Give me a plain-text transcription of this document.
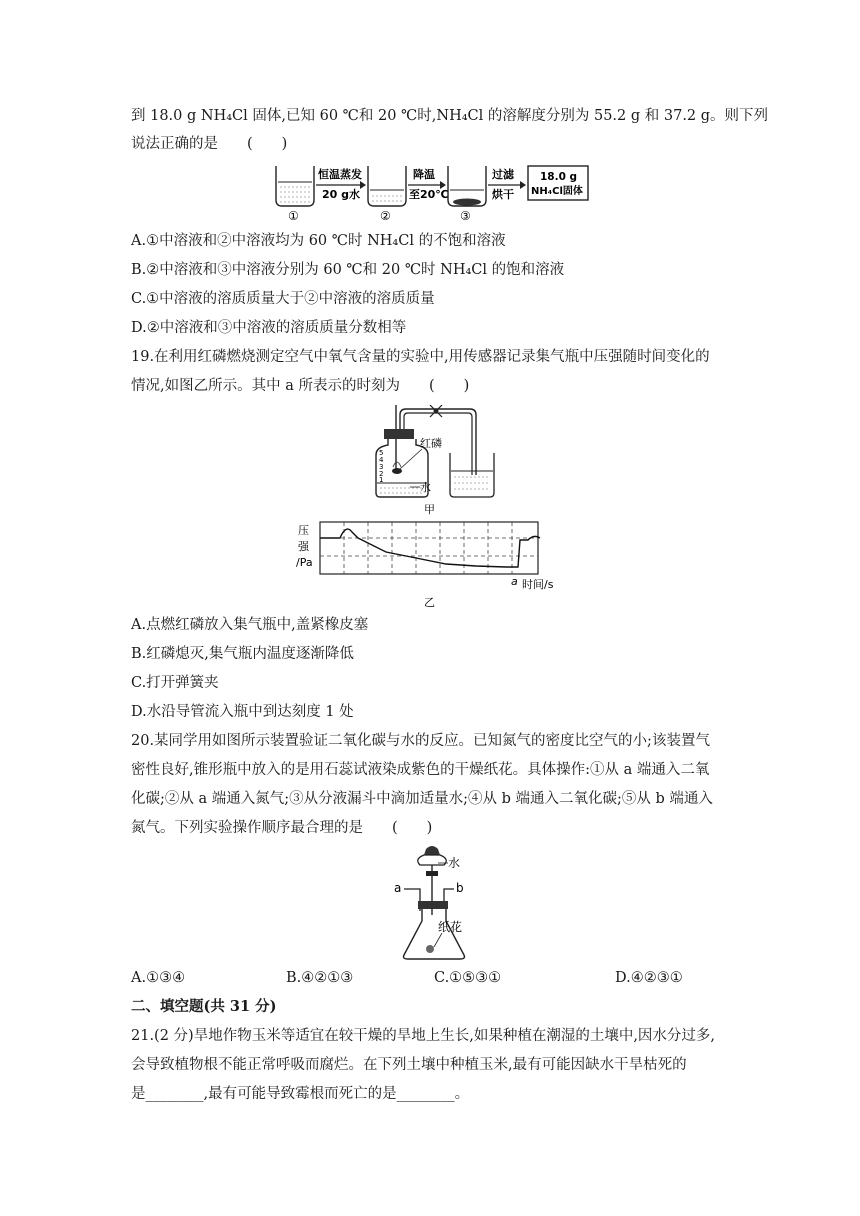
到 18.0 g NH₄Cl 固体,已知 60 ℃和 20 ℃时,NH₄Cl 的溶解度分别为 55.2 g 和 37.2 g。则下列
说法正确的是　　(　　)
①
恒温蒸发
20 g水
②
降温
至20℃
③
过滤
烘干
18.0 g
NH₄Cl固体
A.①中溶液和②中溶液均为 60 ℃时 NH₄Cl 的不饱和溶液
B.②中溶液和③中溶液分别为 60 ℃和 20 ℃时 NH₄Cl 的饱和溶液
C.①中溶液的溶质质量大于②中溶液的溶质质量
D.②中溶液和③中溶液的溶质质量分数相等
19.在利用红磷燃烧测定空气中氧气含量的实验中,用传感器记录集气瓶中压强随时间变化的
情况,如图乙所示。其中 a 所表示的时刻为　　(　　)
5
4
3
2
1
红磷
水
甲
压
强
/Pa
a 时间/s
乙
A.点燃红磷放入集气瓶中,盖紧橡皮塞
B.红磷熄灭,集气瓶内温度逐渐降低
C.打开弹簧夹
D.水沿导管流入瓶中到达刻度 1 处
20.某同学用如图所示装置验证二氧化碳与水的反应。已知氮气的密度比空气的小;该装置气
密性良好,锥形瓶中放入的是用石蕊试液染成紫色的干燥纸花。具体操作:①从 a 端通入二氧
化碳;②从 a 端通入氮气;③从分液漏斗中滴加适量水;④从 b 端通入二氧化碳;⑤从 b 端通入
氮气。下列实验操作顺序最合理的是　　(　　)
水
a	b
纸花
A.①③④	B.④②①③	C.①⑤③①	D.④②③①
二、填空题(共 31 分)
21.(2 分)旱地作物玉米等适宜在较干燥的旱地上生长,如果种植在潮湿的土壤中,因水分过多,
会导致植物根不能正常呼吸而腐烂。在下列土壤中种植玉米,最有可能因缺水干旱枯死的
是________,最有可能导致霉根而死亡的是________。
